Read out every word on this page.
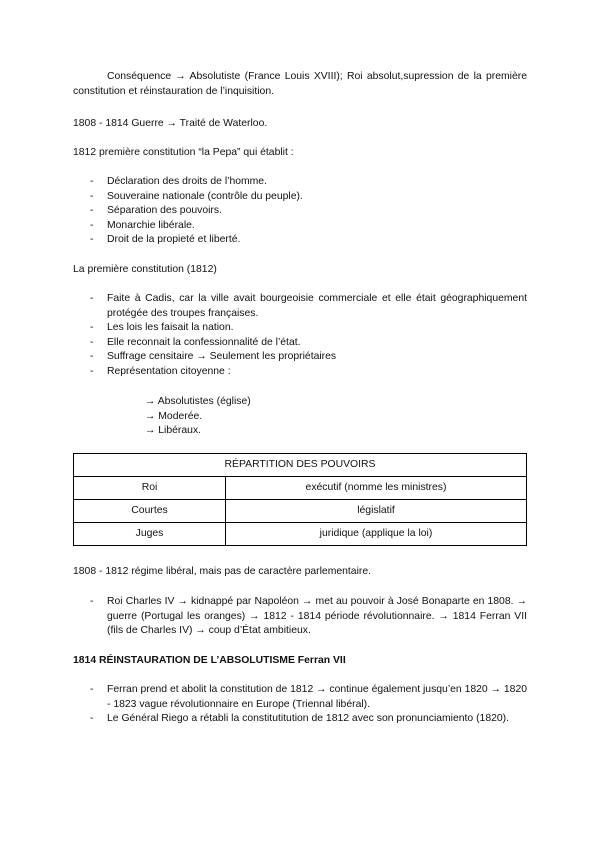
Conséquence → Absolutiste (France Louis XVIII); Roi absolut,supression de la première constitution et réinstauration de l’inquisition.

1808 - 1814 Guerre → Traité de Waterloo.

1812 première constitution “la Pepa” qui établit :

- Déclaration des droits de l’homme.
- Souveraine nationale (contrôle du peuple).
- Séparation des pouvoirs.
- Monarchie libérale.
- Droit de la propieté et liberté.

La première constitution (1812)

- Faite à Cadis, car la ville avait bourgeoisie commerciale et elle était géographiquement protégée des troupes françaises.
- Les lois les faisait la nation.
- Elle reconnait la confessionnalité de l’état.
- Suffrage censitaire → Seulement les propriétaires
- Représentation citoyenne :
→ Absolutistes (église)
→ Moderée.
→ Libéraux.
RÉPARTITION DES POUVOIRS	
Roi	exécutif (nomme les ministres)
Courtes	législatif
Juges	juridique (applique la loi)

1808 - 1812 régime libéral, mais pas de caractère parlementaire.

- Roi Charles IV → kidnappé par Napoléon → met au pouvoir à José Bonaparte en 1808. → guerre (Portugal les oranges) → 1812 - 1814 période révolutionnaire. → 1814 Ferran VII (fils de Charles IV) → coup d’État ambitieux.

1814 RÉINSTAURATION DE L’ABSOLUTISME Ferran VII

- Ferran prend et abolit la constitution de 1812 → continue également jusqu’en 1820 → 1820 - 1823 vague révolutionnaire en Europe (Triennal libéral).
- Le Général Riego a rétabli la constitutitution de 1812 avec son pronunciamiento (1820).
